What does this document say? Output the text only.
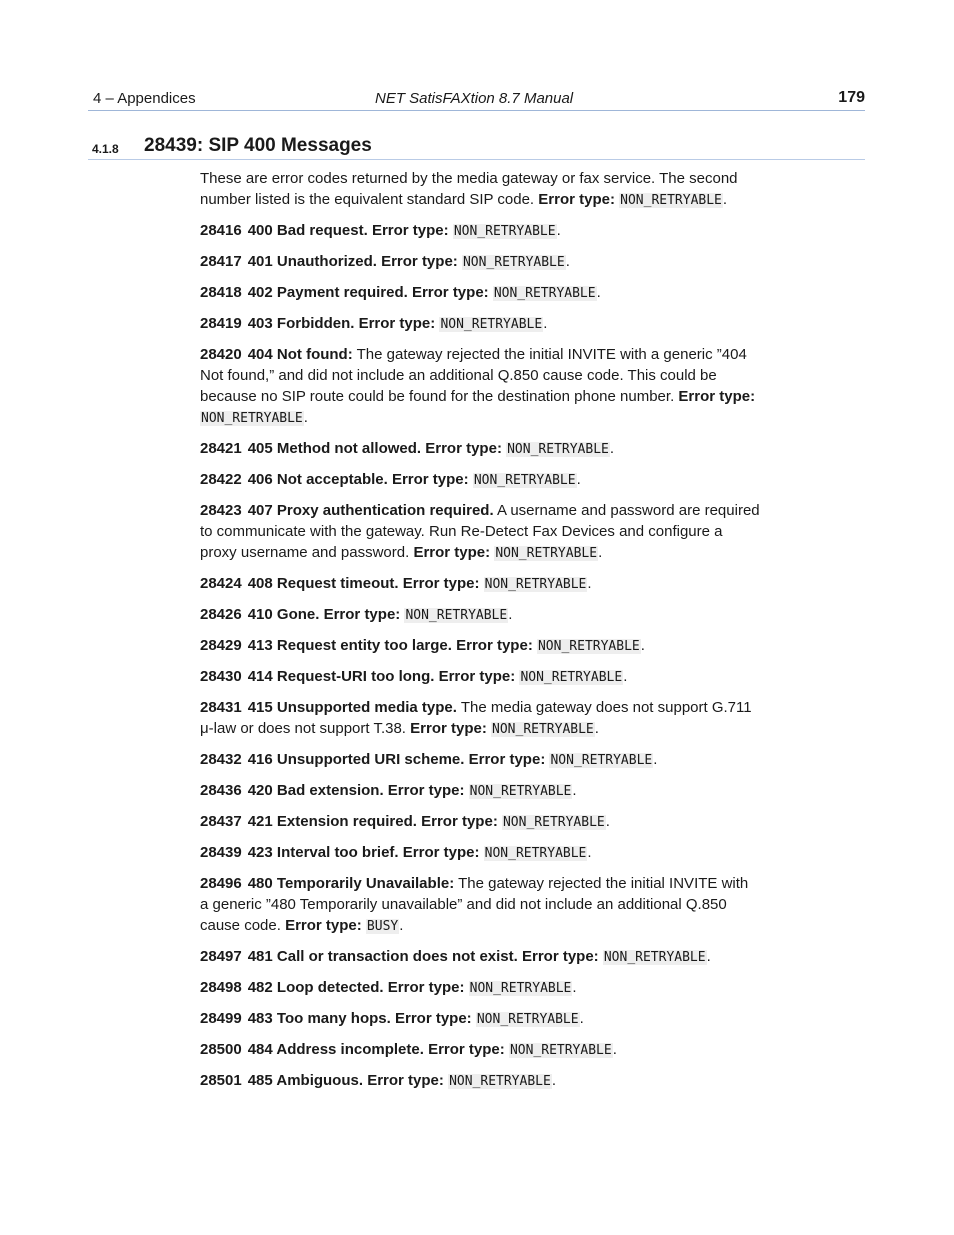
4 – Appendices	NET SatisFAXtion 8.7 Manual	179
4.1.8 28439: SIP 400 Messages

These are error codes returned by the media gateway or fax service. The second number listed is the equivalent standard SIP code. Error type: NON_RETRYABLE.

28416 400 Bad request. Error type: NON_RETRYABLE.

28417 401 Unauthorized. Error type: NON_RETRYABLE.

28418 402 Payment required. Error type: NON_RETRYABLE.

28419 403 Forbidden. Error type: NON_RETRYABLE.

28420 404 Not found: The gateway rejected the initial INVITE with a generic ”404 Not found,” and did not include an additional Q.850 cause code. This could be because no SIP route could be found for the destination phone number. Error type: NON_RETRYABLE.

28421 405 Method not allowed. Error type: NON_RETRYABLE.

28422 406 Not acceptable. Error type: NON_RETRYABLE.

28423 407 Proxy authentication required. A username and password are required to communicate with the gateway. Run Re-Detect Fax Devices and configure a proxy username and password. Error type: NON_RETRYABLE.

28424 408 Request timeout. Error type: NON_RETRYABLE.

28426 410 Gone. Error type: NON_RETRYABLE.

28429 413 Request entity too large. Error type: NON_RETRYABLE.

28430 414 Request-URI too long. Error type: NON_RETRYABLE.

28431 415 Unsupported media type. The media gateway does not support G.711 μ-law or does not support T.38. Error type: NON_RETRYABLE.

28432 416 Unsupported URI scheme. Error type: NON_RETRYABLE.

28436 420 Bad extension. Error type: NON_RETRYABLE.

28437 421 Extension required. Error type: NON_RETRYABLE.

28439 423 Interval too brief. Error type: NON_RETRYABLE.

28496 480 Temporarily Unavailable: The gateway rejected the initial INVITE with a generic ”480 Temporarily unavailable” and did not include an additional Q.850 cause code. Error type: BUSY.

28497 481 Call or transaction does not exist. Error type: NON_RETRYABLE.

28498 482 Loop detected. Error type: NON_RETRYABLE.

28499 483 Too many hops. Error type: NON_RETRYABLE.

28500 484 Address incomplete. Error type: NON_RETRYABLE.

28501 485 Ambiguous. Error type: NON_RETRYABLE.
